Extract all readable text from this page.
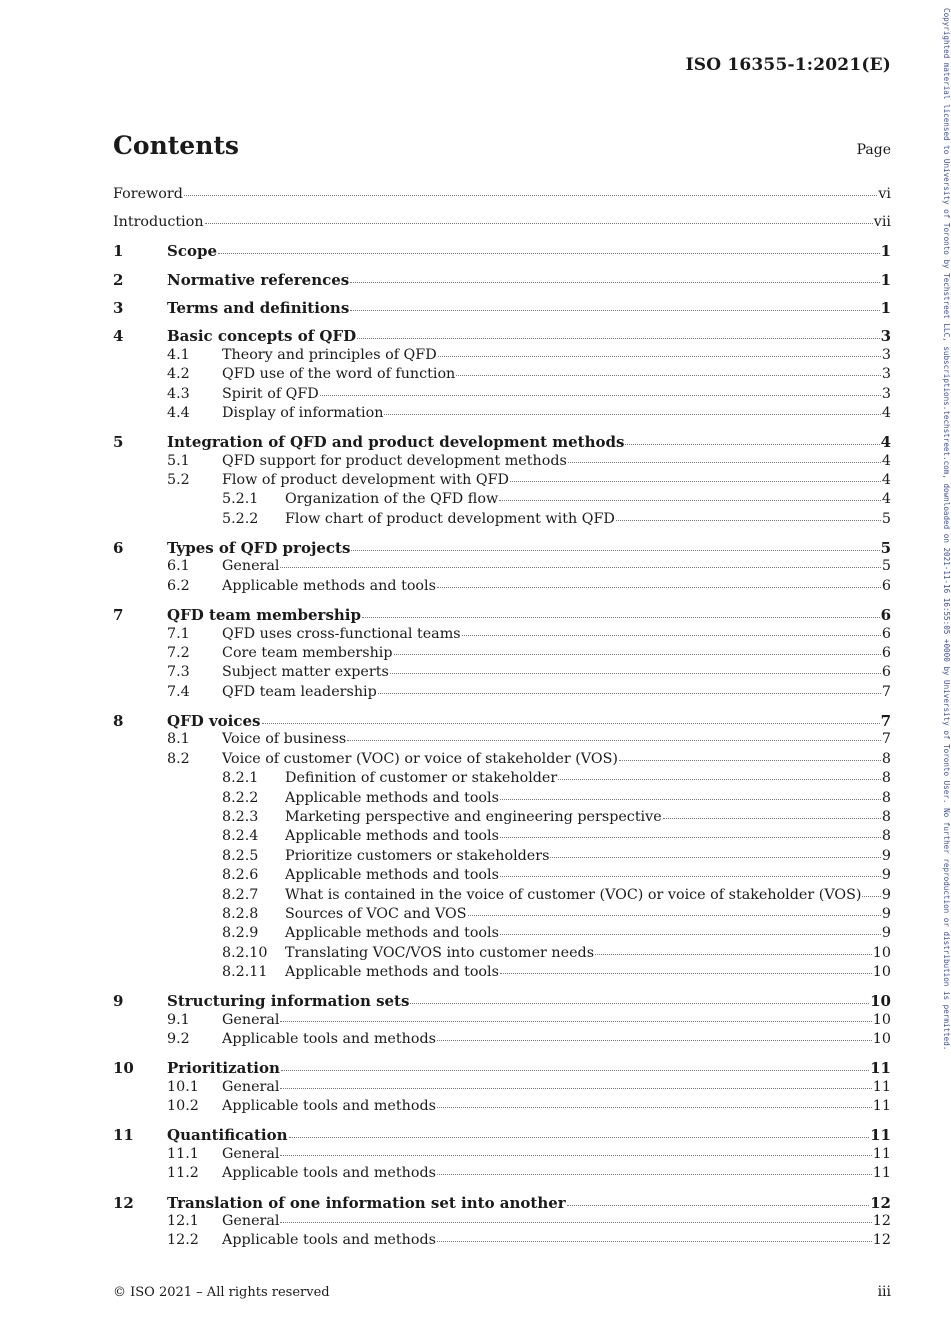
ISO 16355-1:2021(E)	Copyrighted material licensed to University of Toronto by Techstreet LLC, subscriptions.techstreet.com, downloaded on 2021-11-16 16:55:05 +0000 by University of Toronto User. No further reproduction or distribution is permitted.
Contents	Page
Foreword	vi
Introduction	vii
1	Scope	1
2	Normative references	1
3	Terms and definitions	1
4	Basic concepts of QFD	3
4.1 Theory and principles of QFD	3
4.2 QFD use of the word of function	3
4.3 Spirit of QFD	3
4.4 Display of information	4
5	Integration of QFD and product development methods	4
5.1 QFD support for product development methods	4
5.2 Flow of product development with QFD	4
5.2.1 Organization of the QFD flow	4
5.2.2 Flow chart of product development with QFD	5
6	Types of QFD projects	5
6.1 General	5
6.2 Applicable methods and tools	6
7	QFD team membership	6
7.1 QFD uses cross-functional teams	6
7.2 Core team membership	6
7.3 Subject matter experts	6
7.4 QFD team leadership	7
8	QFD voices	7
8.1 Voice of business	7
8.2 Voice of customer (VOC) or voice of stakeholder (VOS)	8
8.2.1 Definition of customer or stakeholder	8
8.2.2 Applicable methods and tools	8
8.2.3 Marketing perspective and engineering perspective	8
8.2.4 Applicable methods and tools	8
8.2.5 Prioritize customers or stakeholders	9
8.2.6 Applicable methods and tools	9
8.2.7 What is contained in the voice of customer (VOC) or voice of stakeholder (VOS) 9
8.2.8 Sources of VOC and VOS	9
8.2.9 Applicable methods and tools	9
8.2.10 Translating VOC/VOS into customer needs	10
8.2.11 Applicable methods and tools	10
9	Structuring information sets	10
9.1 General	10
9.2 Applicable tools and methods	10
10 Prioritization	11
10.1 General	11
10.2 Applicable tools and methods	11
11 Quantification	11
11.1 General	11
11.2 Applicable tools and methods	11
12 Translation of one information set into another	12
12.1 General	12
12.2 Applicable tools and methods	12
© ISO 2021 – All rights reserved	iii
